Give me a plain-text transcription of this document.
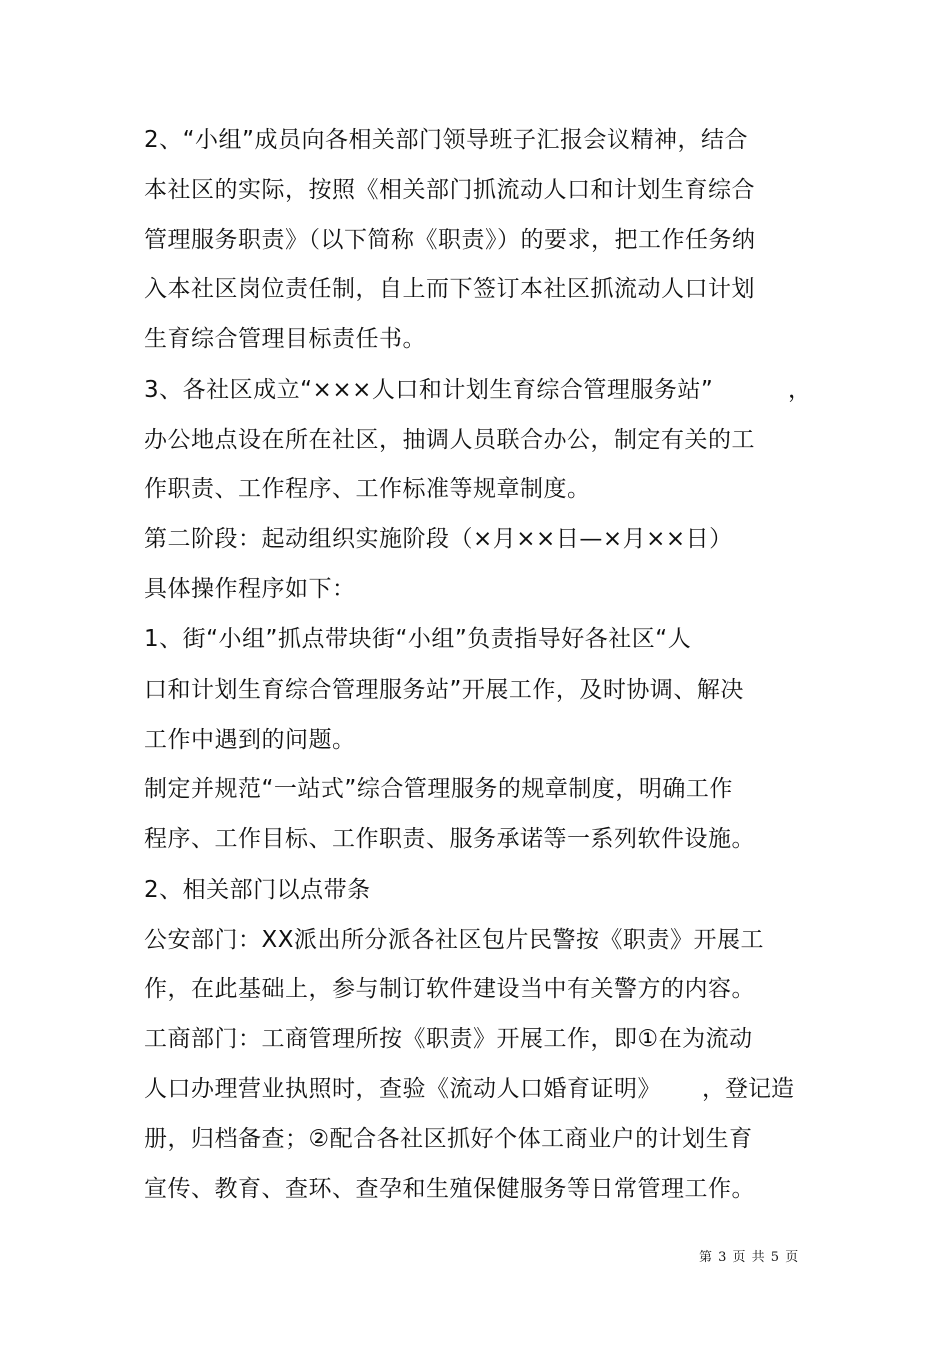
2、“小组”成员向各相关部门领导班子汇报会议精神，结合
本社区的实际，按照《相关部门抓流动人口和计划生育综合
管理服务职责》（以下简称《职责》）的要求，把工作任务纳
入本社区岗位责任制，自上而下签订本社区抓流动人口计划
生育综合管理目标责任书。
3、各社区成立“×××人口和计划生育综合管理服务站”	，
办公地点设在所在社区，抽调人员联合办公，制定有关的工
作职责、工作程序、工作标准等规章制度。
第二阶段：起动组织实施阶段（×月××日—×月××日）
具体操作程序如下：
1、街“小组”抓点带块街“小组”负责指导好各社区“人
口和计划生育综合管理服务站”开展工作，及时协调、解决
工作中遇到的问题。
制定并规范“一站式”综合管理服务的规章制度，明确工作
程序、工作目标、工作职责、服务承诺等一系列软件设施。
2、相关部门以点带条
公安部门：XX派出所分派各社区包片民警按《职责》开展工
作，在此基础上，参与制订软件建设当中有关警方的内容。
工商部门：工商管理所按《职责》开展工作，即①在为流动
人口办理营业执照时，查验《流动人口婚育证明》 ，登记造
册，归档备查；②配合各社区抓好个体工商业户的计划生育
宣传、教育、查环、查孕和生殖保健服务等日常管理工作。
第 3 页 共 5 页
